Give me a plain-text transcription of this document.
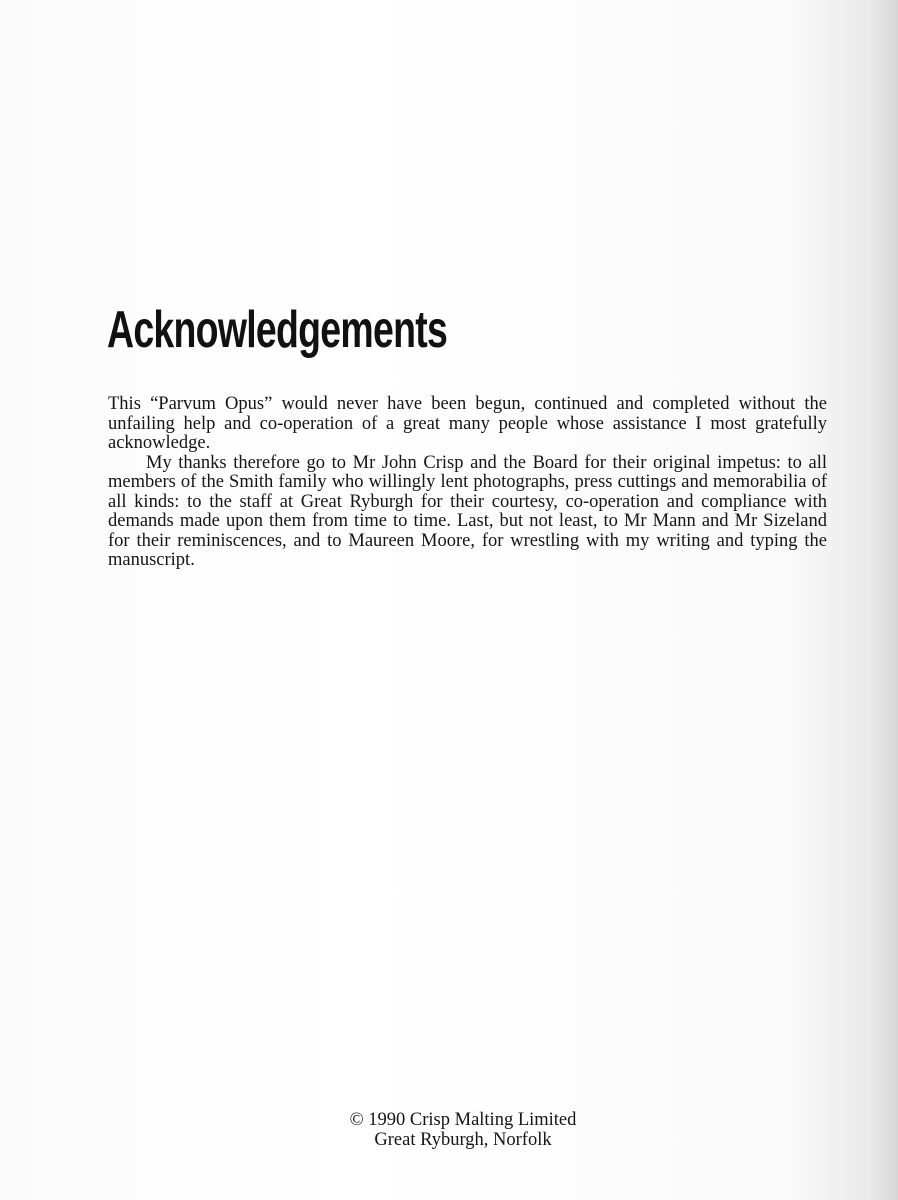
Acknowledgements

This “Parvum Opus” would never have been begun, continued and completed without the unfailing help and co-operation of a great many people whose assistance I most gratefully acknowledge.

My thanks therefore go to Mr John Crisp and the Board for their original impetus: to all members of the Smith family who willingly lent photographs, press cuttings and memorabilia of all kinds: to the staff at Great Ryburgh for their courtesy, co-operation and compliance with demands made upon them from time to time. Last, but not least, to Mr Mann and Mr Sizeland for their reminiscences, and to Maureen Moore, for wrestling with my writing and typing the manuscript.

© 1990 Crisp Malting Limited
Great Ryburgh, Norfolk
